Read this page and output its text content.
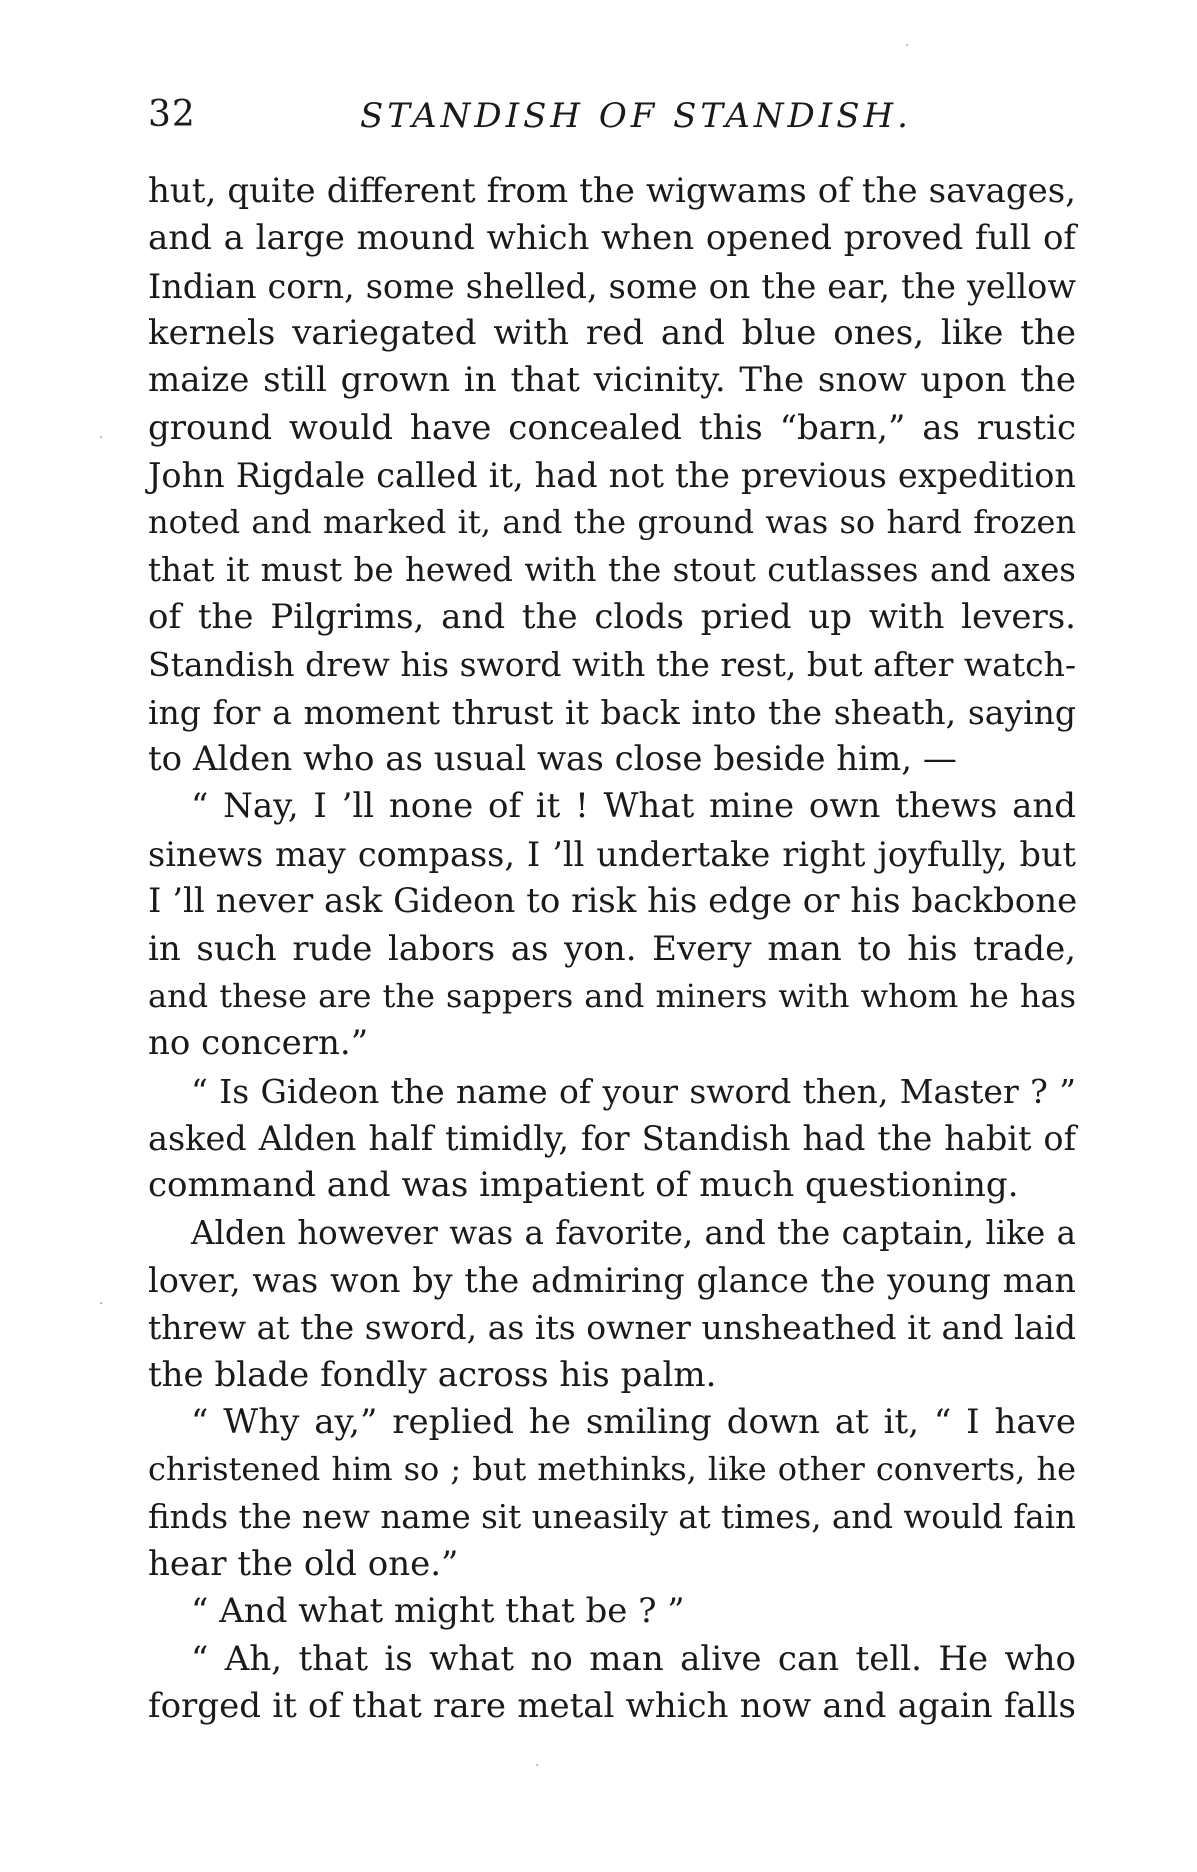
32	STANDISH OF STANDISH.
hut, quite different from the wigwams of the savages,
and a large mound which when opened proved full of
Indian corn, some shelled, some on the ear, the yellow
kernels variegated with red and blue ones, like the
maize still grown in that vicinity. The snow upon the
ground would have concealed this “barn,” as rustic
John Rigdale called it, had not the previous expedition
noted and marked it, and the ground was so hard frozen
that it must be hewed with the stout cutlasses and axes
of the Pilgrims, and the clods pried up with levers.
Standish drew his sword with the rest, but after watch-
ing for a moment thrust it back into the sheath, saying
to Alden who as usual was close beside him, —
“ Nay, I ’ll none of it ! What mine own thews and
sinews may compass, I ’ll undertake right joyfully, but
I ’ll never ask Gideon to risk his edge or his backbone
in such rude labors as yon. Every man to his trade,
and these are the sappers and miners with whom he has
no concern.”
“ Is Gideon the name of your sword then, Master ? ”
asked Alden half timidly, for Standish had the habit of
command and was impatient of much questioning.
Alden however was a favorite, and the captain, like a
lover, was won by the admiring glance the young man
threw at the sword, as its owner unsheathed it and laid
the blade fondly across his palm.
“ Why ay,” replied he smiling down at it, “ I have
christened him so ; but methinks, like other converts, he
finds the new name sit uneasily at times, and would fain
hear the old one.”
“ And what might that be ? ”
“ Ah, that is what no man alive can tell. He who
forged it of that rare metal which now and again falls
·
·
·
·
